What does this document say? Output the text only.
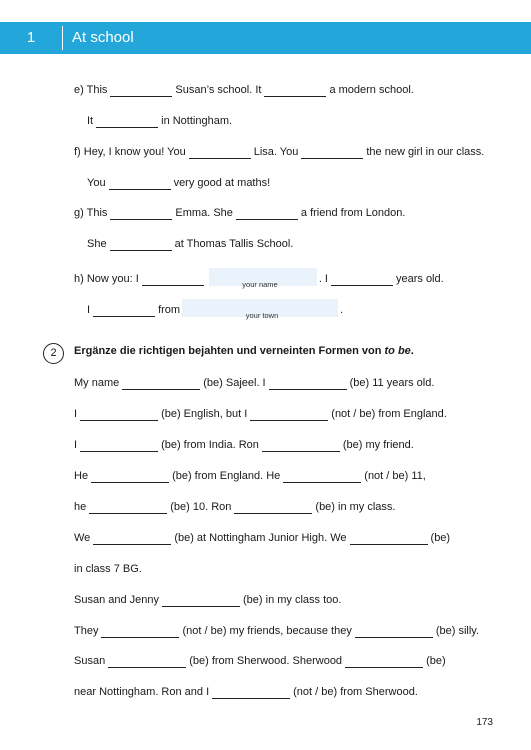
1	At school
e) This	Susan’s school. It	a modern school.
It	in Nottingham.
f) Hey, I know you! You	Lisa. You	the new girl in our class.
You	very good at maths!
g) This	Emma. She	a friend from London.
She	at Thomas Tallis School.
h) Now you: I	. I	years old.
your name
I	from	.
your town
2	Ergänze die richtigen bejahten und verneinten Formen von to be.
My name	(be) Sajeel. I	(be) 11 years old.
I	(be) English, but I	(not / be) from England.
I	(be) from India. Ron	(be) my friend.
He	(be) from England. He	(not / be) 11,
he	(be) 10. Ron	(be) in my class.
We	(be) at Nottingham Junior High. We	(be)
in class 7 BG.
Susan and Jenny	(be) in my class too.
They	(not / be) my friends, because they	(be) silly.
Susan	(be) from Sherwood. Sherwood	(be)
near Nottingham. Ron and I	(not / be) from Sherwood.
173
